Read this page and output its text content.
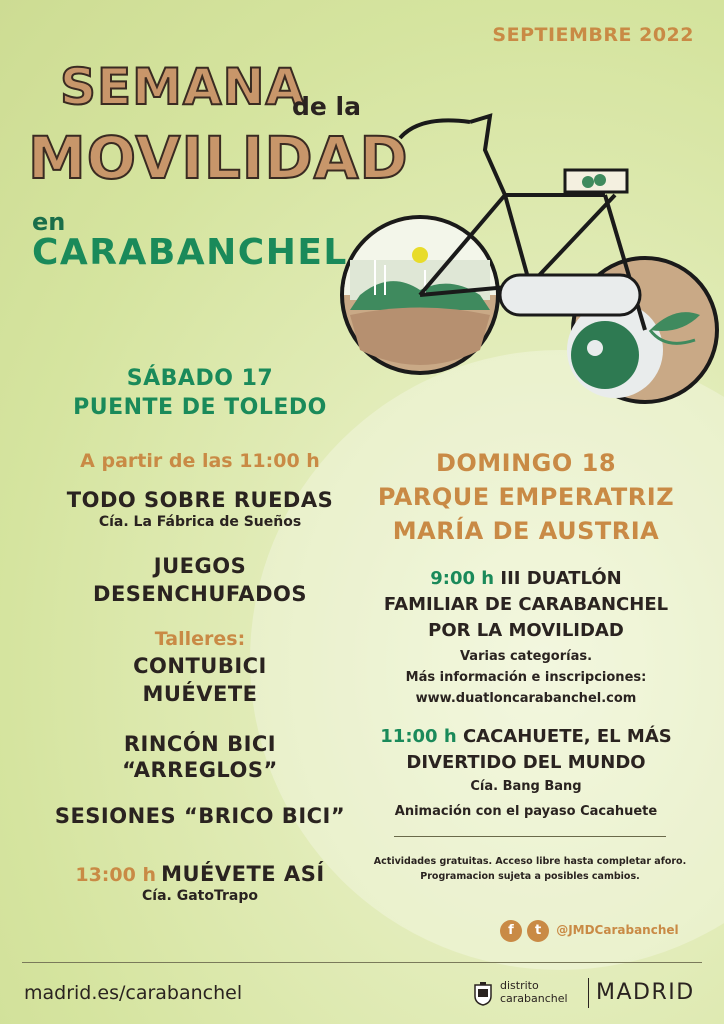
SEPTIEMBRE 2022
SEMANA
de la
MOVILIDAD
en
CARABANCHEL
SÁBADO 17
PUENTE DE TOLEDO
A partir de las 11:00 h
TODO SOBRE RUEDAS
Cía. La Fábrica de Sueños
JUEGOS
DESENCHUFADOS
Talleres:
CONTUBICI
MUÉVETE
RINCÓN BICI
“ARREGLOS”
SESIONES “BRICO BICI”
13:00 h MUÉVETE ASÍ
Cía. GatoTrapo
DOMINGO 18
PARQUE EMPERATRIZ
MARÍA DE AUSTRIA
9:00 h III DUATLÓN
FAMILIAR DE CARABANCHEL
POR LA MOVILIDAD
Varias categorías.
Más información e inscripciones:
www.duatloncarabanchel.com
11:00 h CACAHUETE, EL MÁS
DIVERTIDO DEL MUNDO
Cía. Bang Bang
Animación con el payaso Cacahuete
Actividades gratuitas. Acceso libre hasta completar aforo.
Programacion sujeta a posibles cambios.
f t @JMDCarabanchel
madrid.es/carabanchel	distrito
carabanchel MADRID
